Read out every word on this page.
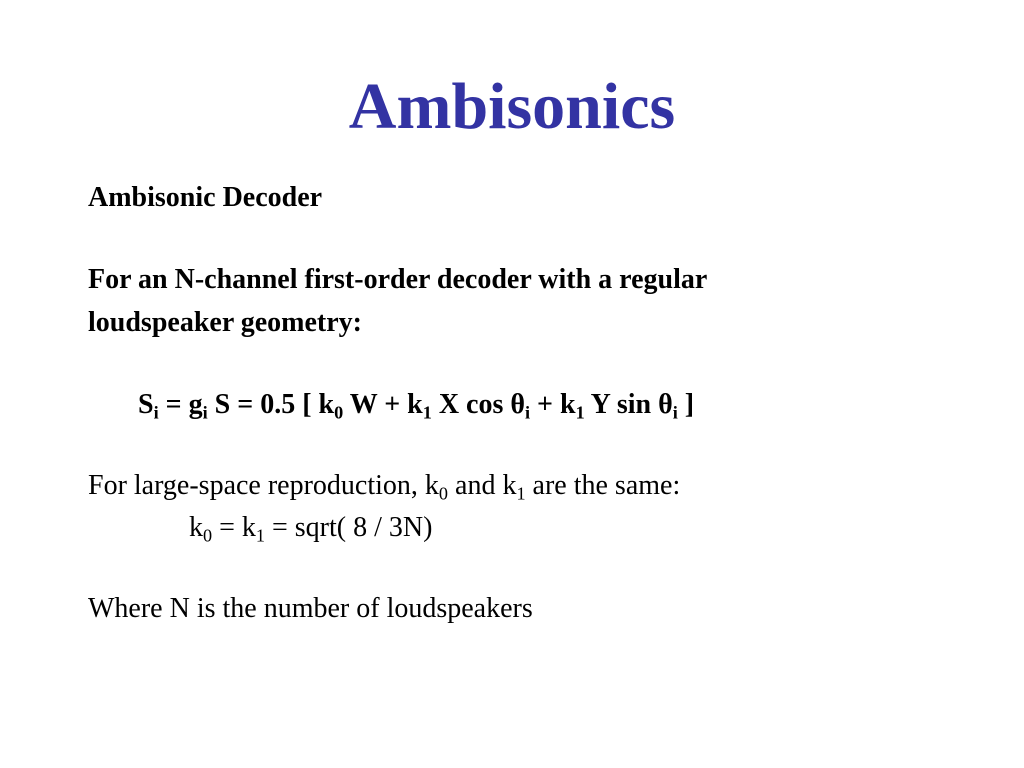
Ambisonics
Ambisonic Decoder
For an N-channel first-order decoder with a regular
loudspeaker geometry:
$S_i = g_i$ S = 0.5 [ $k_0$ $W + k_1$ X $\cos \theta_i + k_1$ Y $\sin \theta_i$ ]
For large-space reproduction, $k_0$ and $k_1$ are the same:
$k_0 = k_1$ = sqrt( 8 / 3N)
Where N is the number of loudspeakers
